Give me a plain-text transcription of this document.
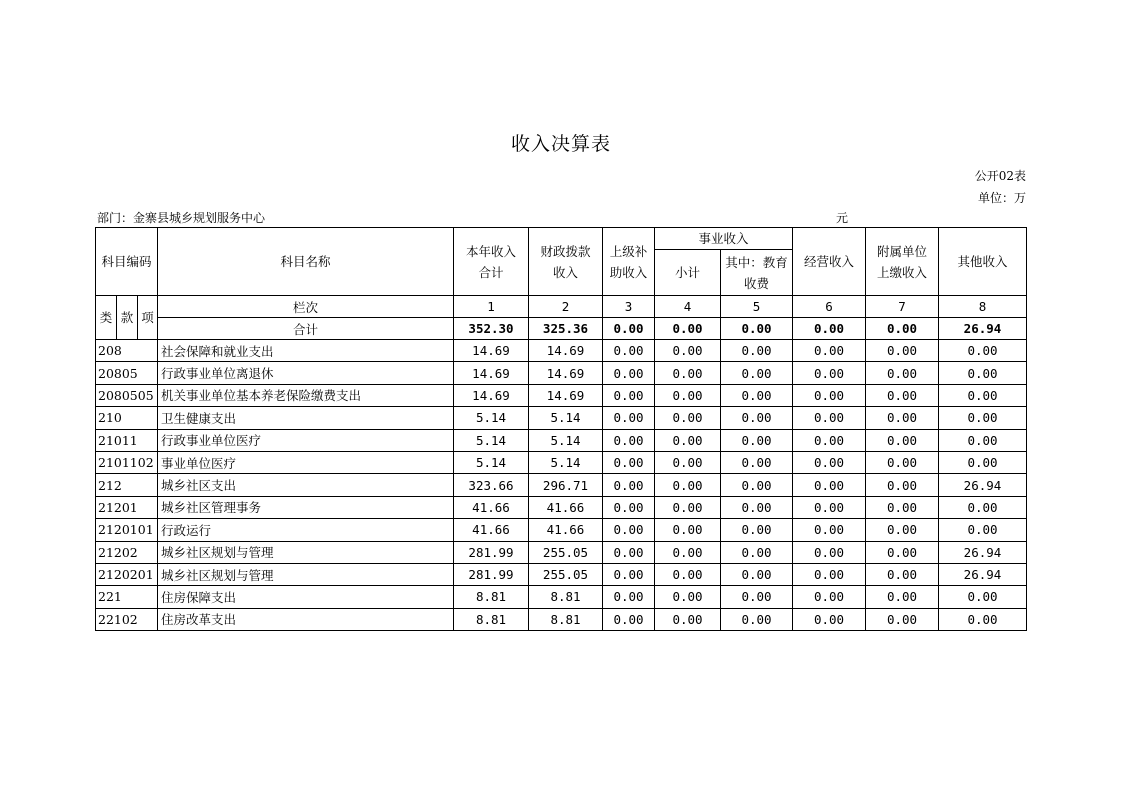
收入决算表
公开02表
单位：万
部门：金寨县城乡规划服务中心	元
科目编码			科目名称	本年收入合计	财政拨款收入	上级补助收入	事业收入		经营收入	附属单位上缴收入	其他收入
							小计	其中：教育收费			

类	款	项	栏次	1	2	3	4	5	6	7	8
			合计	352.30	325.36	0.00	0.00	0.00	0.00	0.00	26.94
208			社会保障和就业支出	14.69	14.69	0.00	0.00	0.00	0.00	0.00	0.00
20805			行政事业单位离退休	14.69	14.69	0.00	0.00	0.00	0.00	0.00	0.00
2080505			机关事业单位基本养老保险缴费支出	14.69	14.69	0.00	0.00	0.00	0.00	0.00	0.00
210			卫生健康支出	5.14	5.14	0.00	0.00	0.00	0.00	0.00	0.00
21011			行政事业单位医疗	5.14	5.14	0.00	0.00	0.00	0.00	0.00	0.00
2101102			事业单位医疗	5.14	5.14	0.00	0.00	0.00	0.00	0.00	0.00
212			城乡社区支出	323.66	296.71	0.00	0.00	0.00	0.00	0.00	26.94
21201			城乡社区管理事务	41.66	41.66	0.00	0.00	0.00	0.00	0.00	0.00
2120101			行政运行	41.66	41.66	0.00	0.00	0.00	0.00	0.00	0.00
21202			城乡社区规划与管理	281.99	255.05	0.00	0.00	0.00	0.00	0.00	26.94
2120201			城乡社区规划与管理	281.99	255.05	0.00	0.00	0.00	0.00	0.00	26.94
221			住房保障支出	8.81	8.81	0.00	0.00	0.00	0.00	0.00	0.00
22102			住房改革支出	8.81	8.81	0.00	0.00	0.00	0.00	0.00	0.00
